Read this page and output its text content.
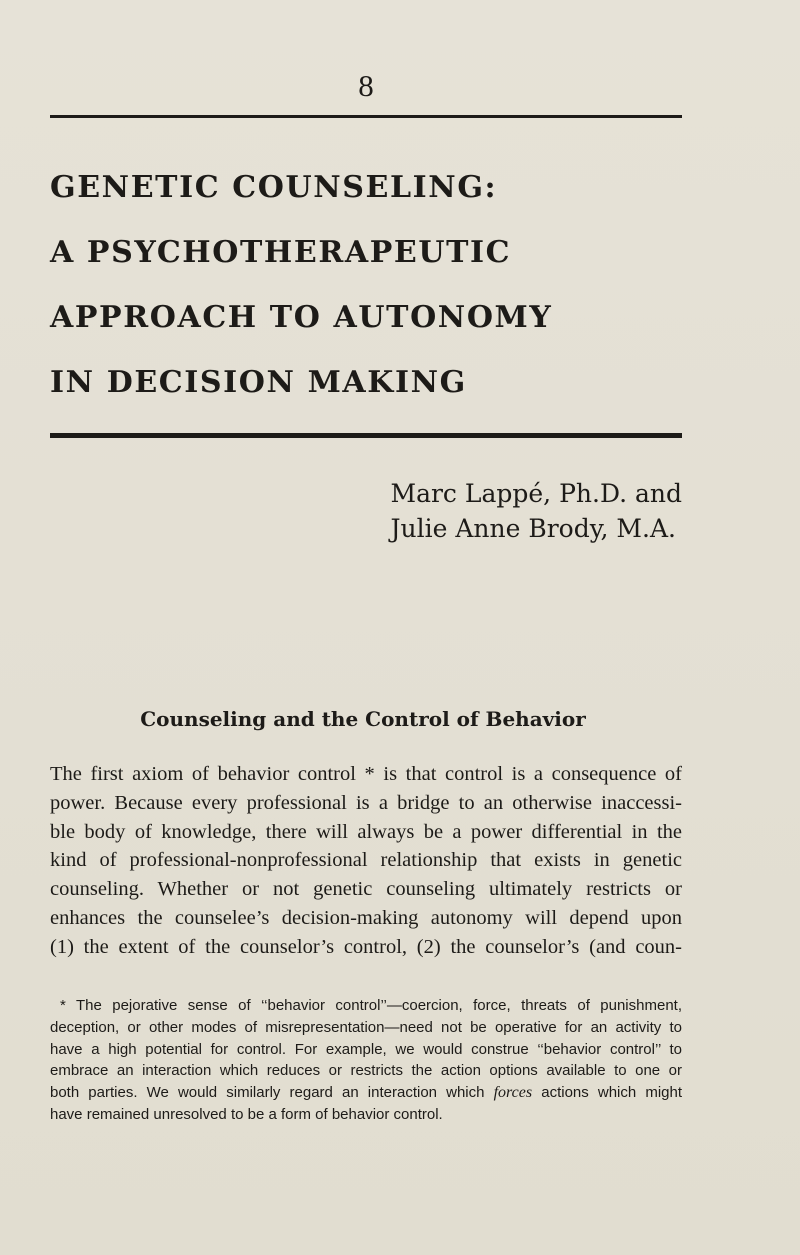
8
GENETIC COUNSELING:
A PSYCHOTHERAPEUTIC
APPROACH TO AUTONOMY
IN DECISION MAKING
Marc Lappé, Ph.D. and
Julie Anne Brody, M.A.
Counseling and the Control of Behavior
The first axiom of behavior control * is that control is a consequence of
power. Because every professional is a bridge to an otherwise inaccessi-
ble body of knowledge, there will always be a power differential in the
kind of professional-nonprofessional relationship that exists in genetic
counseling. Whether or not genetic counseling ultimately restricts or
enhances the counselee’s decision-making autonomy will depend upon
(1) the extent of the counselor’s control, (2) the counselor’s (and coun-
* The pejorative sense of ‘‘behavior control’’—coercion, force, threats of punishment,
deception, or other modes of misrepresentation—need not be operative for an activity to
have a high potential for control. For example, we would construe ‘‘behavior control’’ to
embrace an interaction which reduces or restricts the action options available to one or
both parties. We would similarly regard an interaction which forces actions which might
have remained unresolved to be a form of behavior control.
